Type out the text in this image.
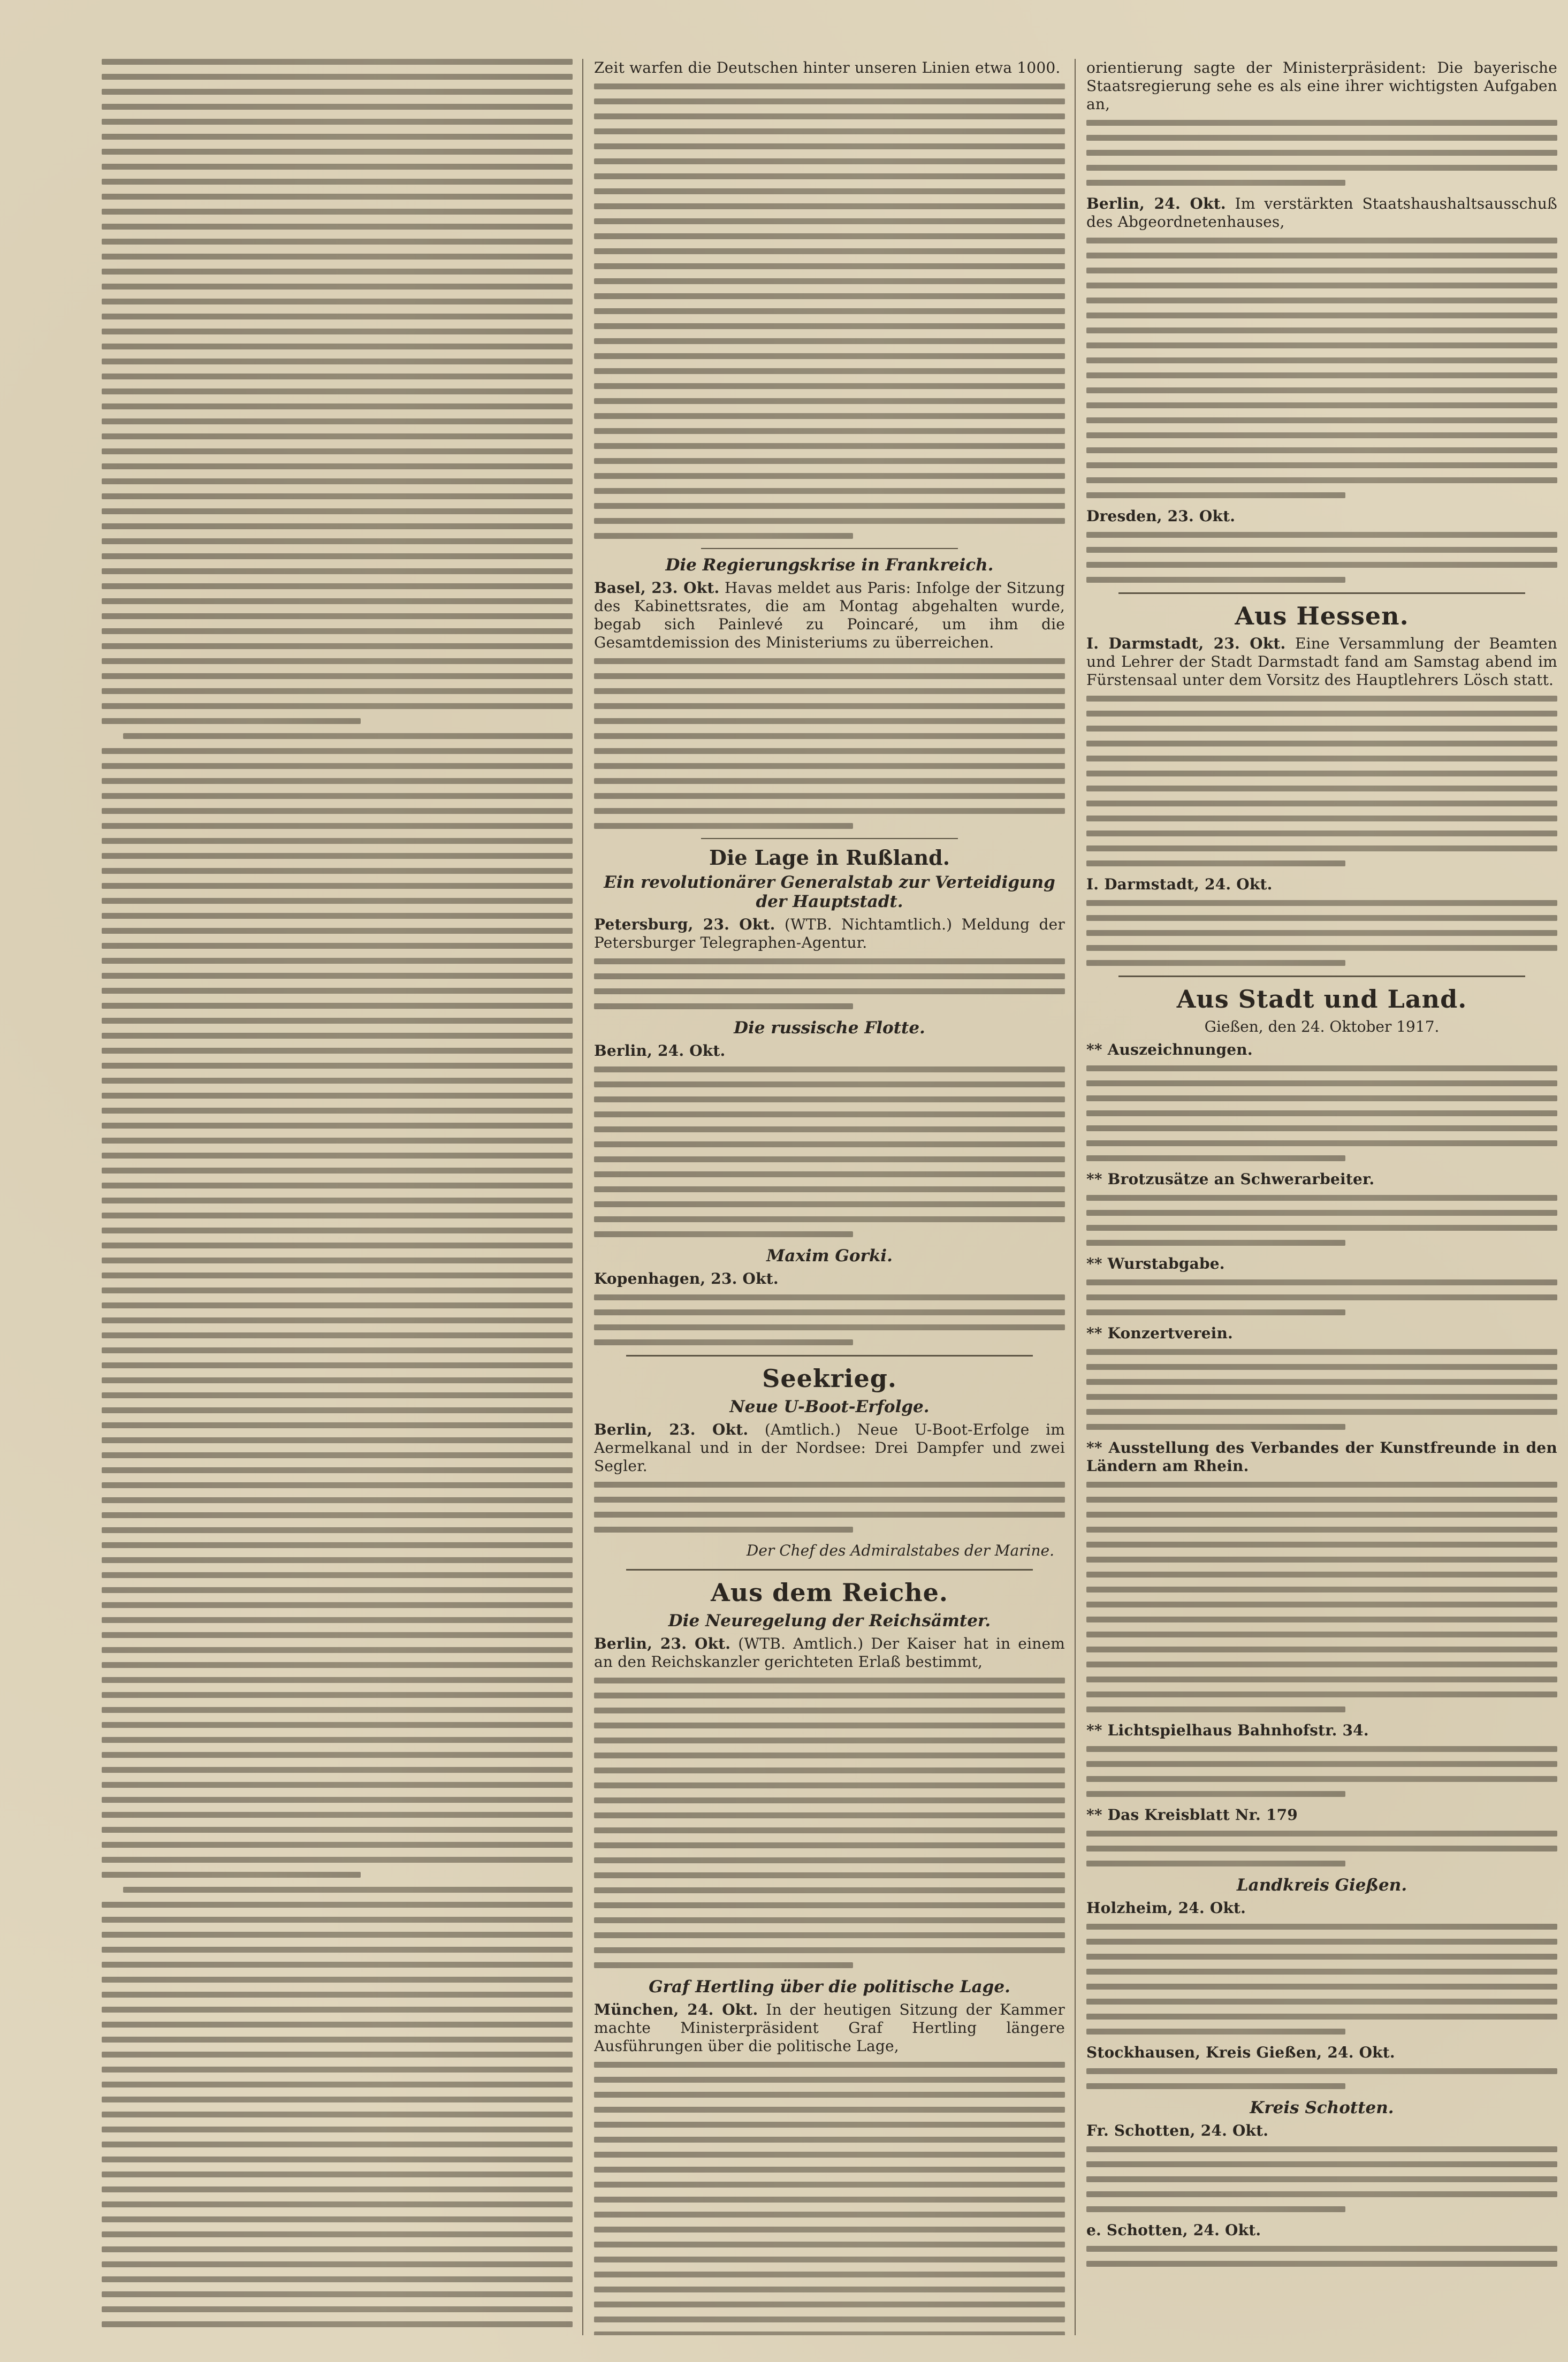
Zeit warfen die Deutschen hinter unseren Linien etwa 1000.

Die Regierungskrise in Frankreich.

Basel, 23. Okt. Havas meldet aus Paris: Infolge der Sitzung des Kabinettsrates, die am Montag abgehalten wurde, begab sich Painlevé zu Poincaré, um ihm die Gesamtdemission des Ministeriums zu überreichen.

Die Lage in Rußland.
Ein revolutionärer Generalstab zur Verteidigung der Hauptstadt.

Petersburg, 23. Okt. (WTB. Nichtamtlich.) Meldung der Petersburger Telegraphen-Agentur.

Die russische Flotte.

Berlin, 24. Okt.

Maxim Gorki.

Kopenhagen, 23. Okt.

Seekrieg.
Neue U-Boot-Erfolge.

Berlin, 23. Okt. (Amtlich.) Neue U-Boot-Erfolge im Aermelkanal und in der Nordsee: Drei Dampfer und zwei Segler.

Der Chef des Admiralstabes der Marine.

Aus dem Reiche.
Die Neuregelung der Reichsämter.

Berlin, 23. Okt. (WTB. Amtlich.) Der Kaiser hat in einem an den Reichskanzler gerichteten Erlaß bestimmt,

Graf Hertling über die politische Lage.

München, 24. Okt. In der heutigen Sitzung der Kammer machte Ministerpräsident Graf Hertling längere Ausführungen über die politische Lage,

orientierung sagte der Ministerpräsident: Die bayerische Staatsregierung sehe es als eine ihrer wichtigsten Aufgaben an,

Berlin, 24. Okt. Im verstärkten Staatshaushaltsausschuß des Abgeordnetenhauses,

Dresden, 23. Okt.

Aus Hessen.

I. Darmstadt, 23. Okt. Eine Versammlung der Beamten und Lehrer der Stadt Darmstadt fand am Samstag abend im Fürstensaal unter dem Vorsitz des Hauptlehrers Lösch statt.

I. Darmstadt, 24. Okt.

Aus Stadt und Land.

Gießen, den 24. Oktober 1917.

** Auszeichnungen.

** Brotzusätze an Schwerarbeiter.

** Wurstabgabe.

** Konzertverein.

** Ausstellung des Verbandes der Kunstfreunde in den Ländern am Rhein.

** Lichtspielhaus Bahnhofstr. 34.

** Das Kreisblatt Nr. 179

Landkreis Gießen.

Holzheim, 24. Okt.

Stockhausen, Kreis Gießen, 24. Okt.

Kreis Schotten.

Fr. Schotten, 24. Okt.

e. Schotten, 24. Okt.
